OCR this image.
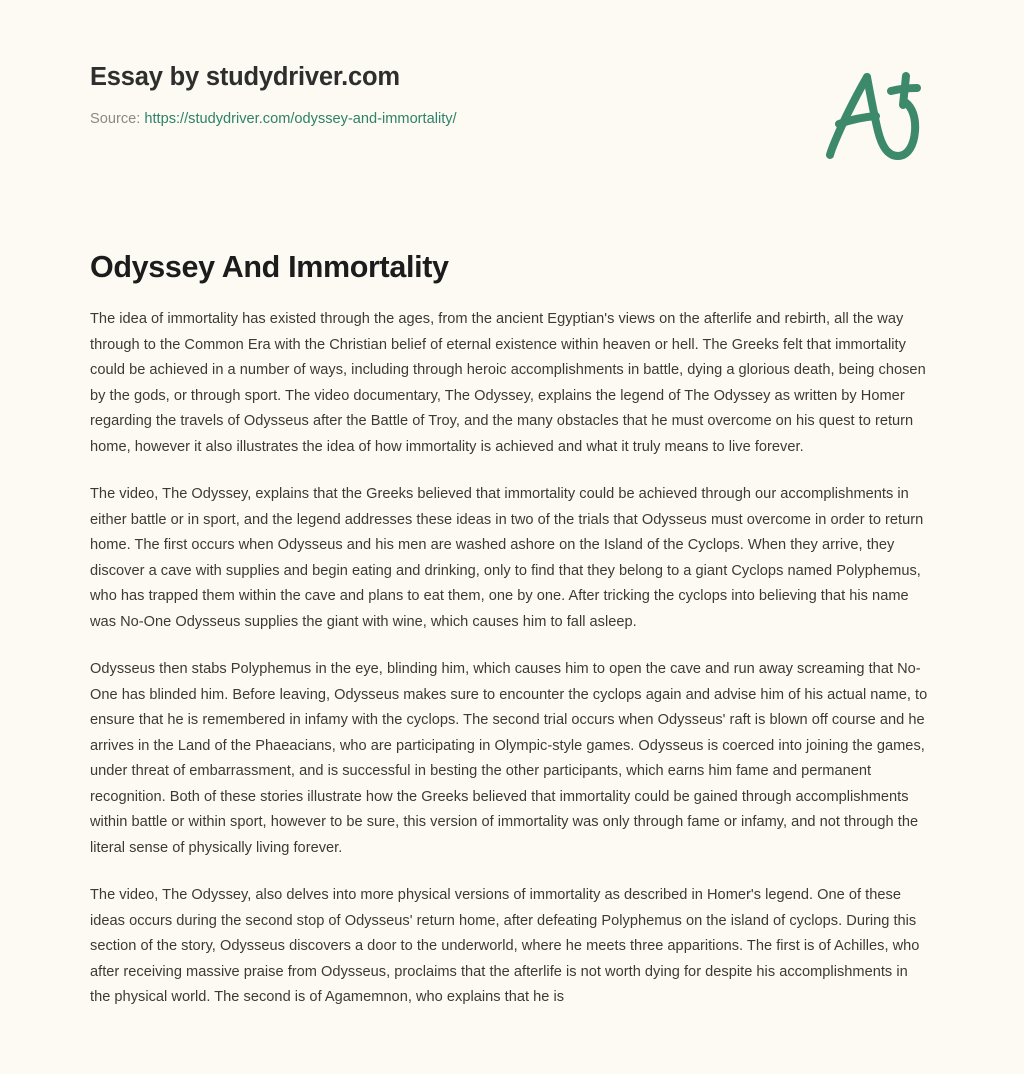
Essay by studydriver.com
Source: https://studydriver.com/odyssey-and-immortality/
Odyssey And Immortality

The idea of immortality has existed through the ages, from the ancient Egyptian's views on the afterlife and rebirth, all the way through to the Common Era with the Christian belief of eternal existence within heaven or hell. The Greeks felt that immortality could be achieved in a number of ways, including through heroic accomplishments in battle, dying a glorious death, being chosen by the gods, or through sport. The video documentary, The Odyssey, explains the legend of The Odyssey as written by Homer regarding the travels of Odysseus after the Battle of Troy, and the many obstacles that he must overcome on his quest to return home, however it also illustrates the idea of how immortality is achieved and what it truly means to live forever.

The video, The Odyssey, explains that the Greeks believed that immortality could be achieved through our accomplishments in either battle or in sport, and the legend addresses these ideas in two of the trials that Odysseus must overcome in order to return home. The first occurs when Odysseus and his men are washed ashore on the Island of the Cyclops. When they arrive, they discover a cave with supplies and begin eating and drinking, only to find that they belong to a giant Cyclops named Polyphemus, who has trapped them within the cave and plans to eat them, one by one. After tricking the cyclops into believing that his name was No-One Odysseus supplies the giant with wine, which causes him to fall asleep.

Odysseus then stabs Polyphemus in the eye, blinding him, which causes him to open the cave and run away screaming that No-One has blinded him. Before leaving, Odysseus makes sure to encounter the cyclops again and advise him of his actual name, to ensure that he is remembered in infamy with the cyclops. The second trial occurs when Odysseus' raft is blown off course and he arrives in the Land of the Phaeacians, who are participating in Olympic-style games. Odysseus is coerced into joining the games, under threat of embarrassment, and is successful in besting the other participants, which earns him fame and permanent recognition. Both of these stories illustrate how the Greeks believed that immortality could be gained through accomplishments within battle or within sport, however to be sure, this version of immortality was only through fame or infamy, and not through the literal sense of physically living forever.

The video, The Odyssey, also delves into more physical versions of immortality as described in Homer's legend. One of these ideas occurs during the second stop of Odysseus' return home, after defeating Polyphemus on the island of cyclops. During this section of the story, Odysseus discovers a door to the underworld, where he meets three apparitions. The first is of Achilles, who after receiving massive praise from Odysseus, proclaims that the afterlife is not worth dying for despite his accomplishments in the physical world. The second is of Agamemnon, who explains that he is
